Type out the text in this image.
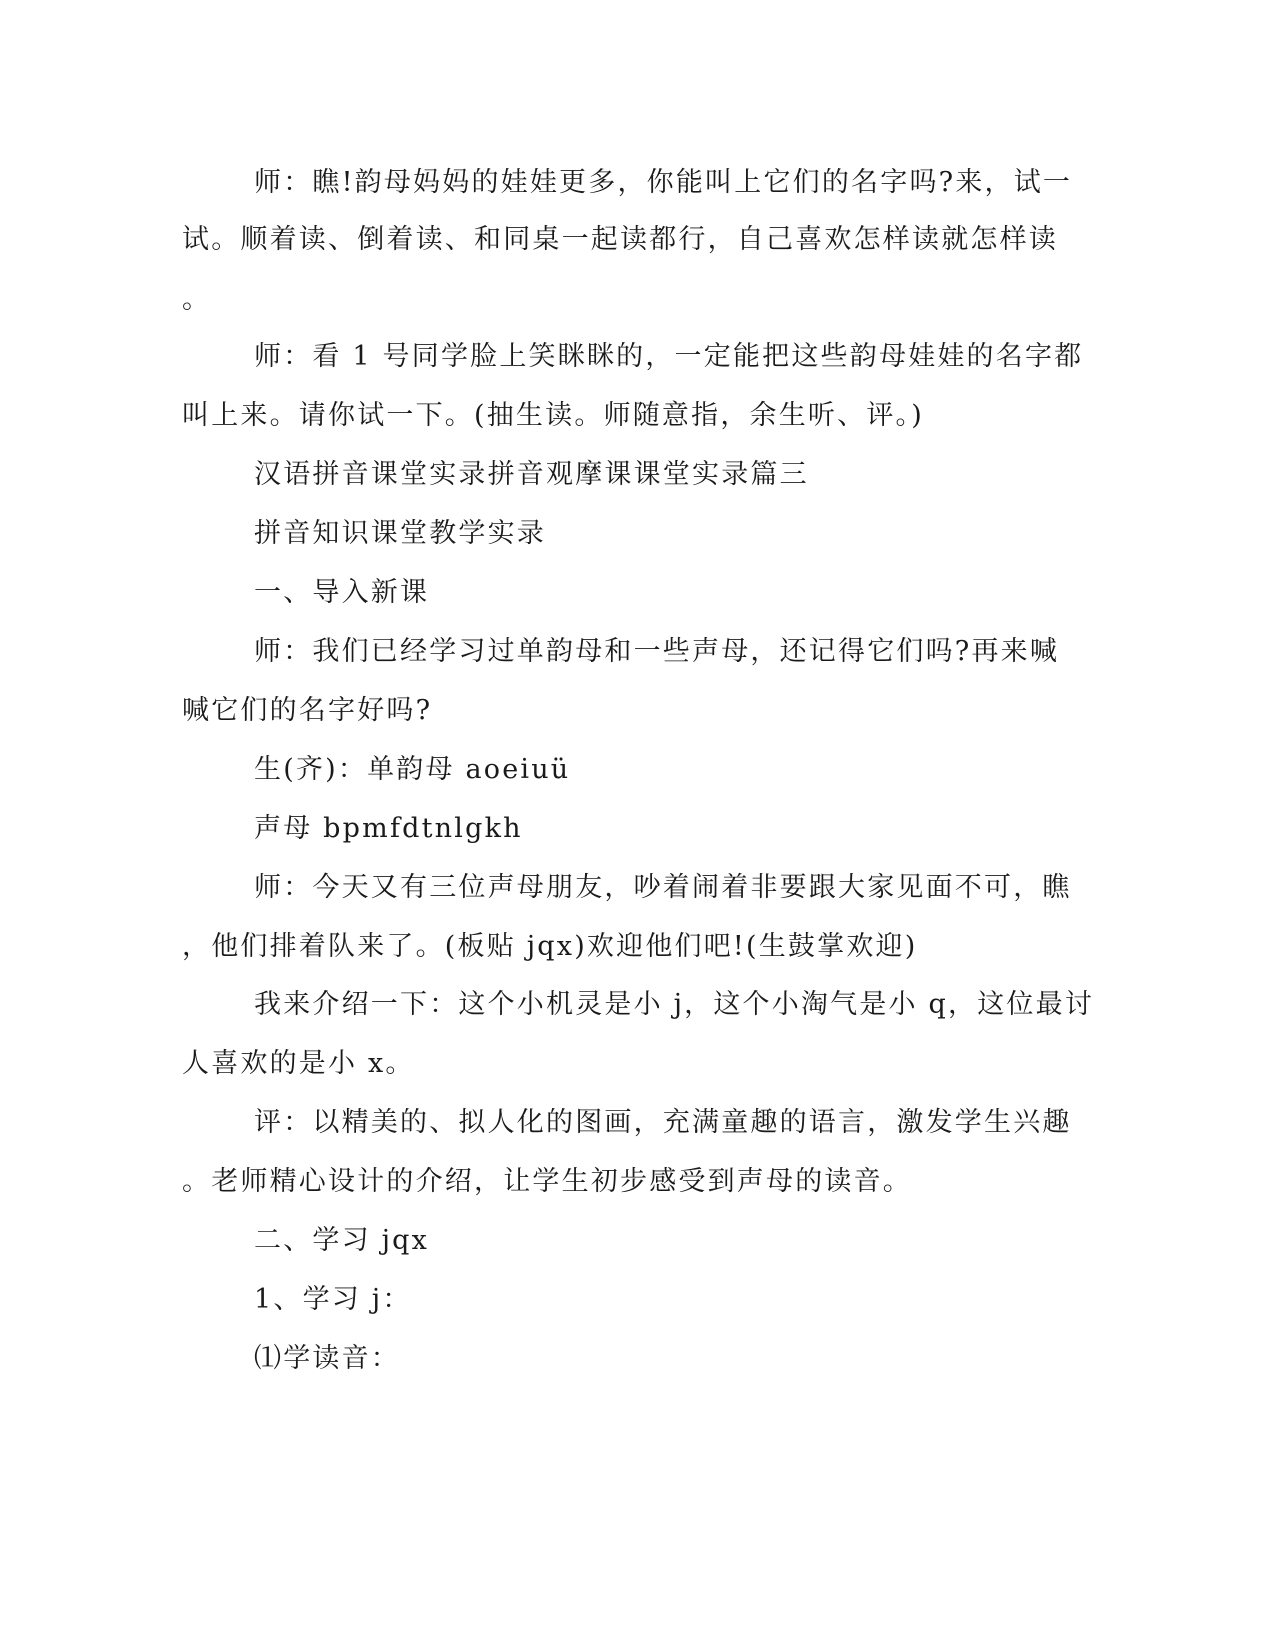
师：瞧!韵母妈妈的娃娃更多，你能叫上它们的名字吗?来，试一
试。顺着读、倒着读、和同桌一起读都行，自己喜欢怎样读就怎样读
。
师：看 1 号同学脸上笑眯眯的，一定能把这些韵母娃娃的名字都
叫上来。请你试一下。(抽生读。师随意指，余生听、评。)
汉语拼音课堂实录拼音观摩课课堂实录篇三
拼音知识课堂教学实录
一、导入新课
师：我们已经学习过单韵母和一些声母，还记得它们吗?再来喊
喊它们的名字好吗?
生(齐)：单韵母 aoeiuü
声母 bpmfdtnlgkh
师：今天又有三位声母朋友，吵着闹着非要跟大家见面不可，瞧
，他们排着队来了。(板贴 jqx)欢迎他们吧!(生鼓掌欢迎)
我来介绍一下：这个小机灵是小 j，这个小淘气是小 q，这位最讨
人喜欢的是小 x。
评：以精美的、拟人化的图画，充满童趣的语言，激发学生兴趣
。老师精心设计的介绍，让学生初步感受到声母的读音。
二、学习 jqx
1、学习 j：
⑴学读音：
